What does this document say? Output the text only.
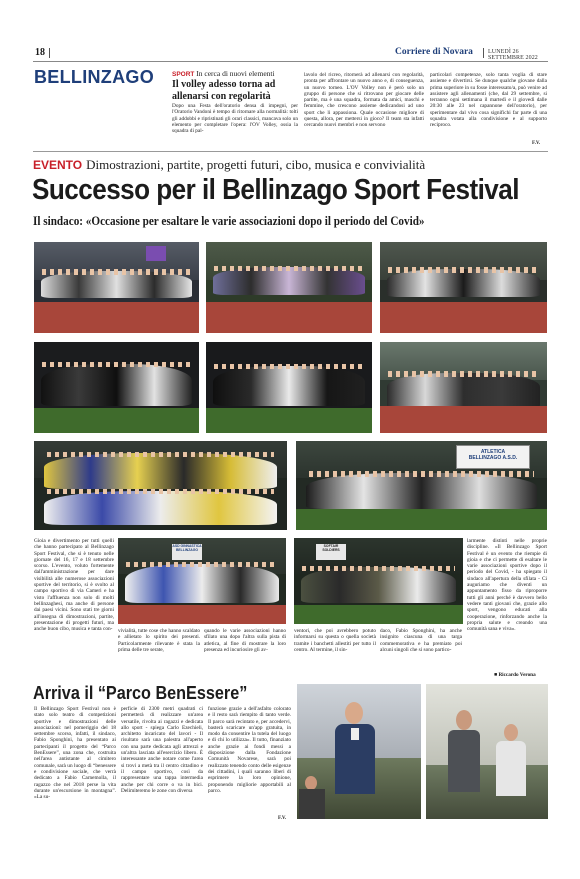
18	Corriere di Novara	LUNEDÌ 26 SETTEMBRE 2022
BELLINZAGO	SPORT In cerca di nuovi elementi
Il volley adesso torna ad allenarsi con regolarità
Dopo una Festa dell'oratorio densa di impegni, per l'Oratorio Vandoni è tempo di ritornare alla normalità: tolti gli addobbi e ripristinati gli orari classici, mancava solo un elemento per completare l'opera: l'OV Volley, ossia la squadra di pal-
lavolo del ricreo, ritornerà ad allenarsi con regolarità, pronta per affrontare un nuovo anno e, di conseguenza, un nuovo torneo. L'OV Volley non è però solo un gruppo di persone che si ritrovano per giocare delle partite, ma è una squadra, formata da amici, maschi e femmine, che crescono assieme dedicandosi ad uno sport che li appassiona. Quale occasione migliore di questa, allora, per mettersi in gioco? Il team sta infatti cercando nuovi membri e non servono
particolari competenze, solo tanta voglia di stare assieme e divertirsi. Se dunque qualche giovane dalla prima superiore in su fosse interessato/a, può venire ad assistere agli allenamenti (che, dal 29 settembre, si terranno ogni settimana il martedì e il giovedì dalle 20:30 alle 23 nel capannone dell'oratorio), per sperimentare dal vivo cosa significhi far parte di una squadra votata alla condivisione e al supporto reciproco.
F.V.
EVENTO Dimostrazioni, partite, progetti futuri, cibo, musica e convivialità
Successo per il Bellinzago Sport Festival
Il sindaco: «Occasione per esaltare le varie associazioni dopo il periodo del Covid»
ATLETICA
BELLINZAGO A.S.D.
ASD GINNASTICA BELLINZAGO
SOFTAIR SOLDIERS
Gioia e divertimento per tutti quelli che hanno partecipato al Bellinzago Sport Festival, che si è tenuto nelle giornate del 16, 17 e 18 settembre scorso. L'evento, voluto fortemente dall'amministrazione per dare visibilità alle numerose associazioni sportive del territorio, si è svolto al campo sportivo di via Cameri e ha visto l'affluenza non solo di molti bellinzaghesi, ma anche di persone dai paesi vicini. Sono stati tre giorni all'insegna di dimostrazioni, partite, presentazione di progetti futuri, ma anche buon cibo, musica e tanta con-	vivialità, tutte cose che hanno scaldato e allietato lo spirito dei presenti. Particolarmente rilevante è stata la prima delle tre serate,
quando le varie associazioni hanno sfilato una dopo l'altra sulla pista di atletica, al fine di mostrare la loro presenza ed incuriosire gli av-
ventori, che poi avrebbero potuto informarsi su questa o quella società tramite i banchetti allestiti per tutto il centro. Al termine, il sin-
daco, Fabio Sponghini, ha anche insignito ciascuna di una targa commemorativa e ha premiato poi alcuni singoli che si sono partico-
larmente distinti nelle proprie discipline. «Il Bellinzago Sport Festival è un evento che riempie di gioia e che ci permette di esaltare le varie associazioni sportive dopo il periodo del Covid, - ha spiegato il sindaco all'apertura della sfilata - Ci auguriamo che diventi un appuntamento fisso da riproporre tutti gli anni perché è davvero bello vedere tanti giovani che, grazie allo sport, vengono educati alla cooperazione, rinforzando anche la propria salute e creando una comunità sana e viva».
■ Riccardo Verona
Arriva il “Parco BenEssere”
Il Bellinzago Sport Festival non è stato solo teatro di competizioni sportive e dimostrazioni delle associazioni: nel pomeriggio del 18 settembre scorso, infatti, il sindaco, Fabio Sponghini, ha presentato ai partecipanti il progetto del “Parco BenEssere”, una zona che, costruita nell'area antistante al cimitero comunale, sarà un luogo di “benessere e condivisione sociale, che verrà dedicato a Fabio Carnemolla, il ragazzo che nel 2018 perse la vita durante un'escursione in montagna”. «La su-
perficie di 2300 metri quadrati ci permetterà di realizzare un'area versatile, rivolta ai ragazzi e dedicata allo sport - spiega Carlo Ezechieli, architetto incaricato del lavori - Il risultato sarà una palestra all'aperto con una parte dedicata agli attrezzi e un'altra lasciata all'esercizio libero. È interessante anche notare come l'area si trovi a metà tra il centro cittadino e il campo sportivo, così da rappresentare una tappa intermedia anche per chi corre o va in bici. Delimiteremo le zone con diversa
funzione grazie a dell'asfalto colorato e il resto sarà riempito di tanto verde. Il parco sarà recintato e, per accedervi, basterà scaricare un'app gratuita, in modo da consentire la tutela del luogo e di chi lo utilizza». Il tutto, finanziato anche grazie ai fondi messi a disposizione dalla Fondazione Comunità Novarese, sarà poi realizzato tenendo conto delle esigenze dei cittadini, i quali saranno liberi di esprimere la loro opinione, proponendo migliorie apportabili al parco.
F.V.
